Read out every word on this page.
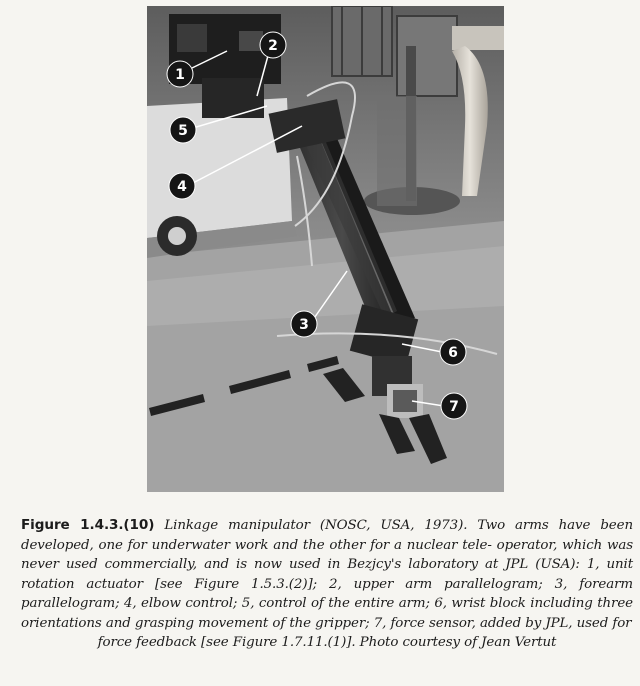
1
2
5
4
3
6
7
Figure 1.4.3.(10) Linkage manipulator (NOSC, USA, 1973). Two arms have been developed, one for underwater work and the other for a nuclear tele- operator, which was never used commercially, and is now used in Bezjcy's laboratory at JPL (USA): 1, unit rotation actuator [see Figure 1.5.3.(2)]; 2, upper arm parallelogram; 3, forearm parallelogram; 4, elbow control; 5, control of the entire arm; 6, wrist block including three orientations and grasping movement of the gripper; 7, force sensor, added by JPL, used for
force feedback [see Figure 1.7.11.(1)]. Photo courtesy of Jean Vertut
